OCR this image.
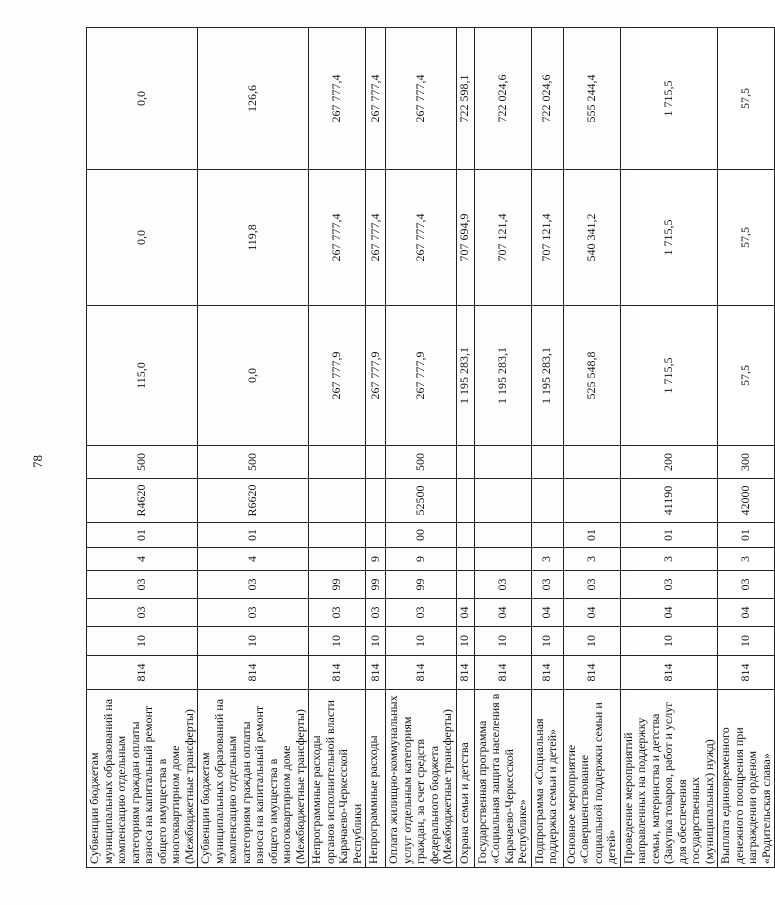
78
Субвенции бюджетам муниципальных образований на компенсацию отдельным категориям граждан оплаты взноса на капитальный ремонт общего имущества в многоквартирном доме (Межбюджетные трансферты)	814	10	03	03	4	01	R4620	500	115,0	0,0	0,0
Субвенции бюджетам муниципальных образований на компенсацию отдельным категориям граждан оплаты взноса на капитальный ремонт общего имущества в многоквартирном доме (Межбюджетные трансферты)	814	10	03	03	4	01	R6620	500	0,0	119,8	126,6
Непрограммные расходы органов исполнительной власти Карачаево-Черкесской Республики	814	10	03	99					267 777,9	267 777,4	267 777,4
Непрограммные расходы	814	10	03	99	9				267 777,9	267 777,4	267 777,4
Оплата жилищно-коммунальных услуг отдельным категориям граждан, за счет средств федерального бюджета (Межбюджетные трансферты)	814	10	03	99	9	00	52500	500	267 777,9	267 777,4	267 777,4
Охрана семьи и детства	814	10	04						1 195 283,1	707 694,9	722 598,1
Государственная программа «Социальная защита населения в Карачаево-Черкесской Республике»	814	10	04	03					1 195 283,1	707 121,4	722 024,6
Подпрограмма «Социальная поддержка семьи и детей»	814	10	04	03	3				1 195 283,1	707 121,4	722 024,6
Основное мероприятие «Совершенствование социальной поддержки семьи и детей»	814	10	04	03	3	01			525 548,8	540 341,2	555 244,4
Проведение мероприятий направленных на поддержку семьи, материнства и детства (Закупка товаров, работ и услуг для обеспечения государственных (муниципальных) нужд)	814	10	04	03	3	01	41190	200	1 715,5	1 715,5	1 715,5
Выплата единовременного денежного поощрения при награждении орденом «Родительская слава»	814	10	04	03	3	01	42000	300	57,5	57,5	57,5
